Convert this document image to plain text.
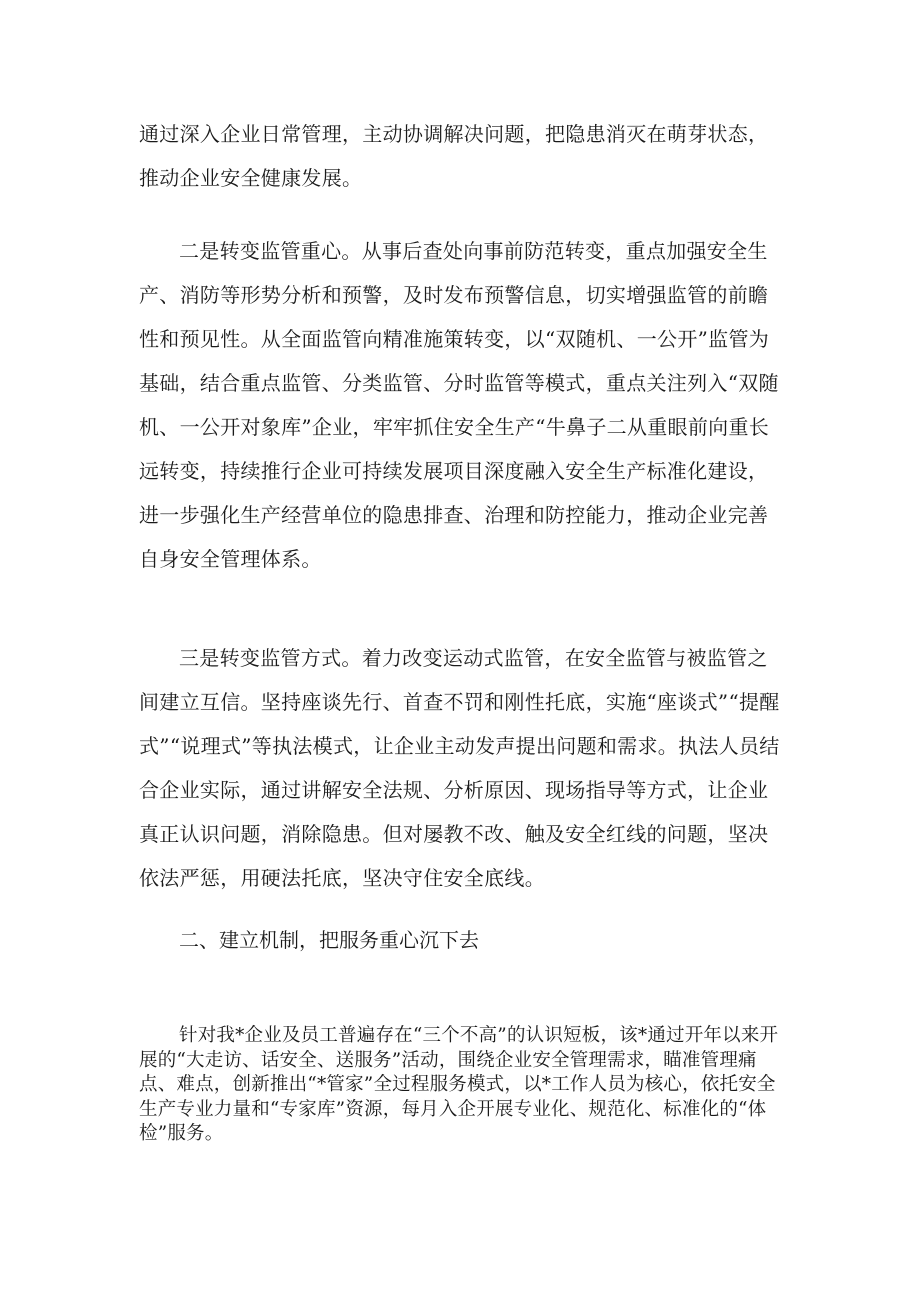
通过深入企业日常管理，主动协调解决问题，把隐患消灭在萌芽状态，推动企业安全健康发展。

二是转变监管重心。从事后查处向事前防范转变，重点加强安全生产、消防等形势分析和预警，及时发布预警信息，切实增强监管的前瞻性和预见性。从全面监管向精准施策转变，以“双随机、一公开”监管为基础，结合重点监管、分类监管、分时监管等模式，重点关注列入“双随机、一公开对象库”企业，牢牢抓住安全生产“牛鼻子二从重眼前向重长远转变，持续推行企业可持续发展项目深度融入安全生产标准化建设，进一步强化生产经营单位的隐患排查、治理和防控能力，推动企业完善自身安全管理体系。

三是转变监管方式。着力改变运动式监管，在安全监管与被监管之间建立互信。坚持座谈先行、首查不罚和刚性托底，实施“座谈式”“提醒式”“说理式”等执法模式，让企业主动发声提出问题和需求。执法人员结合企业实际，通过讲解安全法规、分析原因、现场指导等方式，让企业真正认识问题，消除隐患。但对屡教不改、触及安全红线的问题，坚决依法严惩，用硬法托底，坚决守住安全底线。

二、建立机制，把服务重心沉下去

针对我*企业及员工普遍存在“三个不高”的认识短板，该*通过开年以来开展的“大走访、话安全、送服务”活动，围绕企业安全管理需求，瞄准管理痛点、难点，创新推出“*管家”全过程服务模式，以*工作人员为核心，依托安全生产专业力量和“专家库”资源，每月入企开展专业化、规范化、标准化的“体检”服务。
